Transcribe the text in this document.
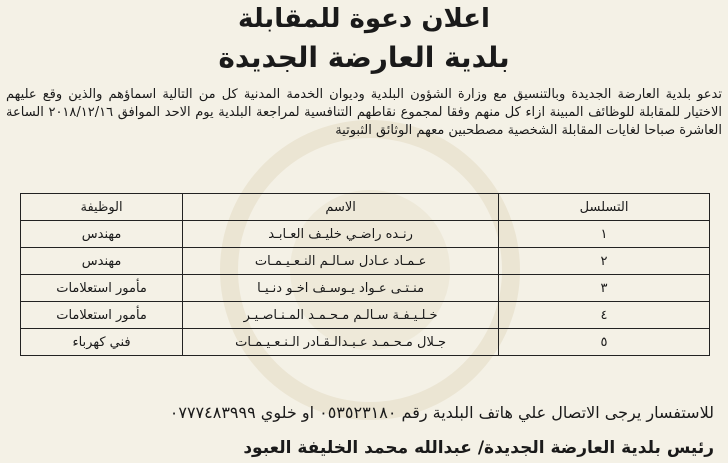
اعلان دعوة للمقابلة
بلدية العارضة الجديدة

تدعو بلدية العارضة الجديدة وبالتنسيق مع وزارة الشؤون البلدية وديوان الخدمة المدنية كل من التالية اسماؤهم والذين وقع عليهم الاختيار للمقابلة للوظائف المبينة ازاء كل منهم وفقا لمجموع نقاطهم التنافسية لمراجعة البلدية يوم الاحد الموافق ٢٠١٨/١٢/١٦ الساعة العاشرة صباحا لغايات المقابلة الشخصية مصطحبين معهم الوثائق الثبوتية

التسلسل	الاسم	الوظيفة
١	رنـده راضـي خليـف العـابـد	مهندس
٢	عـمـاد عـادل سـالـم النـعـيـمـات	مهندس
٣	منـتـى عـواد يـوسـف اخـو دنـيـا	مأمور استعلامات
٤	خـلـيـفـة سـالـم مـحـمـد المـنـاصـيـر	مأمور استعلامات
٥	جـلال مـحـمـد عـبـدالـقـادر الـنـعـيـمـات	فني كهرباء

للاستفسار يرجى الاتصال علي هاتف البلدية رقم ٠٥٣٥٢٣١٨٠ او خلوي ٠٧٧٧٤٨٣٩٩٩

رئيس بلدية العارضة الجديدة/ عبدالله محمد الخليفة العبود
